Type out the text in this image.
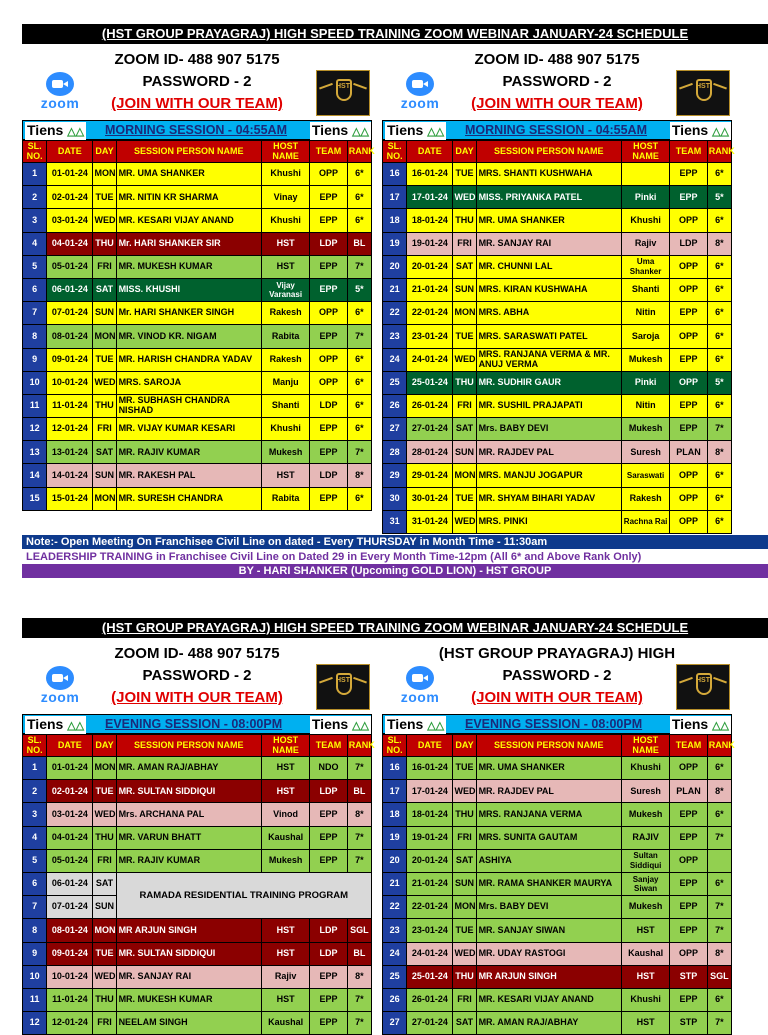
(HST GROUP PRAYAGRAJ) HIGH SPEED TRAINING ZOOM WEBINAR JANUARY-24 SCHEDULE
ZOOM ID- 488 907 5175
PASSWORD - 2
(JOIN WITH OUR TEAM)
zoom
HST
Tiens △△ MORNING SESSION - 04:55AM Tiens △△
SL. NO.	DATE	DAY	SESSION PERSON NAME	HOST NAME	TEAM	RANK
1	01-01-24	MON	MR. UMA SHANKER	Khushi	OPP	6*
2	02-01-24	TUE	MR. NITIN KR SHARMA	Vinay	EPP	6*
3	03-01-24	WED	MR. KESARI VIJAY ANAND	Khushi	EPP	6*
4	04-01-24	THU	Mr. HARI SHANKER SIR	HST	LDP	BL
5	05-01-24	FRI	MR. MUKESH KUMAR	HST	EPP	7*
6	06-01-24	SAT	MISS. KHUSHI	Vijay Varanasi	EPP	5*
7	07-01-24	SUN	Mr. HARI SHANKER SINGH	Rakesh	OPP	6*
8	08-01-24	MON	MR. VINOD KR. NIGAM	Rabita	EPP	7*
9	09-01-24	TUE	MR. HARISH CHANDRA YADAV	Rakesh	OPP	6*
10	10-01-24	WED	MRS. SAROJA	Manju	OPP	6*
11	11-01-24	THU	MR. SUBHASH CHANDRA NISHAD	Shanti	LDP	6*
12	12-01-24	FRI	MR. VIJAY KUMAR KESARI	Khushi	EPP	6*
13	13-01-24	SAT	MR. RAJIV KUMAR	Mukesh	EPP	7*
14	14-01-24	SUN	MR. RAKESH PAL	HST	LDP	8*
15	15-01-24	MON	MR. SURESH CHANDRA	Rabita	EPP	6*
ZOOM ID- 488 907 5175
PASSWORD - 2
(JOIN WITH OUR TEAM)
zoom
HST
Tiens △△ MORNING SESSION - 04:55AM Tiens △△
SL. NO.	DATE	DAY	SESSION PERSON NAME	HOST NAME	TEAM	RANK
16	16-01-24	TUE	MRS. SHANTI KUSHWAHA		EPP	6*
17	17-01-24	WED	MISS. PRIYANKA PATEL	Pinki	EPP	5*
18	18-01-24	THU	MR. UMA SHANKER	Khushi	OPP	6*
19	19-01-24	FRI	MR. SANJAY RAI	Rajiv	LDP	8*
20	20-01-24	SAT	MR. CHUNNI LAL	Uma Shanker	OPP	6*
21	21-01-24	SUN	MRS. KIRAN KUSHWAHA	Shanti	OPP	6*
22	22-01-24	MON	MRS. ABHA	Nitin	EPP	6*
23	23-01-24	TUE	MRS. SARASWATI PATEL	Saroja	OPP	6*
24	24-01-24	WED	MRS. RANJANA VERMA & MR. ANUJ VERMA	Mukesh	EPP	6*
25	25-01-24	THU	MR. SUDHIR GAUR	Pinki	OPP	5*
26	26-01-24	FRI	MR. SUSHIL PRAJAPATI	Nitin	EPP	6*
27	27-01-24	SAT	Mrs. BABY DEVI	Mukesh	EPP	7*
28	28-01-24	SUN	MR. RAJDEV PAL	Suresh	PLAN	8*
29	29-01-24	MON	MRS. MANJU JOGAPUR	Saraswati	OPP	6*
30	30-01-24	TUE	MR. SHYAM BIHARI YADAV	Rakesh	OPP	6*
31	31-01-24	WED	MRS. PINKI	Rachna Rai	OPP	6*
Note:- Open Meeting On Franchisee Civil Line on dated - Every THURSDAY in Month Time - 11:30am
LEADERSHIP TRAINING in Franchisee Civil Line on Dated 29 in Every Month Time-12pm (All 6* and Above Rank Only)
BY - HARI SHANKER (Upcoming GOLD LION) - HST GROUP
(HST GROUP PRAYAGRAJ) HIGH SPEED TRAINING ZOOM WEBINAR JANUARY-24 SCHEDULE
ZOOM ID- 488 907 5175
PASSWORD - 2
(JOIN WITH OUR TEAM)
zoom
HST
Tiens △△ EVENING SESSION - 08:00PM Tiens △△
SL. NO.	DATE	DAY	SESSION PERSON NAME	HOST NAME	TEAM	RANK
1	01-01-24	MON	MR. AMAN RAJ/ABHAY	HST	NDO	7*
2	02-01-24	TUE	MR. SULTAN SIDDIQUI	HST	LDP	BL
3	03-01-24	WED	Mrs. ARCHANA PAL	Vinod	EPP	8*
4	04-01-24	THU	MR. VARUN BHATT	Kaushal	EPP	7*
5	05-01-24	FRI	MR. RAJIV KUMAR	Mukesh	EPP	7*
6	06-01-24	SAT	RAMADA RESIDENTIAL TRAINING PROGRAM			
7	07-01-24	SUN				
8	08-01-24	MON	MR ARJUN SINGH	HST	LDP	SGL
9	09-01-24	TUE	MR. SULTAN SIDDIQUI	HST	LDP	BL
10	10-01-24	WED	MR. SANJAY RAI	Rajiv	EPP	8*
11	11-01-24	THU	MR. MUKESH KUMAR	HST	EPP	7*
12	12-01-24	FRI	NEELAM SINGH	Kaushal	EPP	7*
(HST GROUP PRAYAGRAJ) HIGH
PASSWORD - 2
(JOIN WITH OUR TEAM)
zoom
HST
Tiens △△ EVENING SESSION - 08:00PM Tiens △△
SL. NO.	DATE	DAY	SESSION PERSON NAME	HOST NAME	TEAM	RANK
16	16-01-24	TUE	MR. UMA SHANKER	Khushi	OPP	6*
17	17-01-24	WED	MR. RAJDEV PAL	Suresh	PLAN	8*
18	18-01-24	THU	MRS. RANJANA VERMA	Mukesh	EPP	6*
19	19-01-24	FRI	MRS. SUNITA GAUTAM	RAJIV	EPP	7*
20	20-01-24	SAT	ASHIYA	Sultan Siddiqui	OPP	
21	21-01-24	SUN	MR. RAMA SHANKER MAURYA	Sanjay Siwan	EPP	6*
22	22-01-24	MON	Mrs. BABY DEVI	Mukesh	EPP	7*
23	23-01-24	TUE	MR. SANJAY SIWAN	HST	EPP	7*
24	24-01-24	WED	MR. UDAY RASTOGI	Kaushal	OPP	8*
25	25-01-24	THU	MR ARJUN SINGH	HST	STP	SGL
26	26-01-24	FRI	MR. KESARI VIJAY ANAND	Khushi	EPP	6*
27	27-01-24	SAT	MR. AMAN RAJ/ABHAY	HST	STP	7*
